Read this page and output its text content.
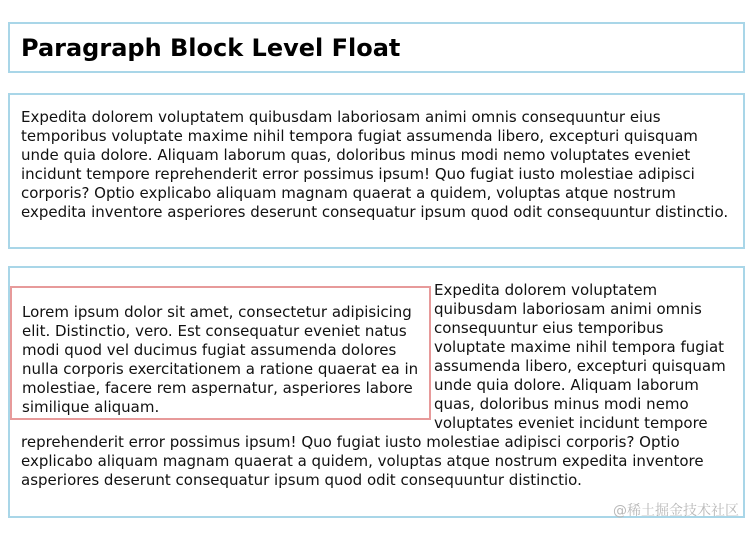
Paragraph Block Level Float

Expedita dolorem voluptatem quibusdam laboriosam animi omnis consequuntur eius temporibus voluptate maxime nihil tempora fugiat assumenda libero, excepturi quisquam unde quia dolore. Aliquam laborum quas, doloribus minus modi nemo voluptates eveniet incidunt tempore reprehenderit error possimus ipsum! Quo fugiat iusto molestiae adipisci corporis? Optio explicabo aliquam magnam quaerat a quidem, voluptas atque nostrum expedita inventore asperiores deserunt consequatur ipsum quod odit consequuntur distinctio.

Lorem ipsum dolor sit amet, consectetur adipisicing elit. Distinctio, vero. Est consequatur eveniet natus modi quod vel ducimus fugiat assumenda dolores nulla corporis exercitationem a ratione quaerat ea in molestiae, facere rem aspernatur, asperiores labore similique aliquam.
Expedita dolorem voluptatem quibusdam laboriosam animi omnis consequuntur eius temporibus voluptate maxime nihil tempora fugiat assumenda libero, excepturi quisquam unde quia dolore. Aliquam laborum quas, doloribus minus modi nemo voluptates eveniet incidunt tempore reprehenderit error possimus ipsum! Quo fugiat iusto molestiae adipisci corporis? Optio explicabo aliquam magnam quaerat a quidem, voluptas atque nostrum expedita inventore asperiores deserunt consequatur ipsum quod odit consequuntur distinctio.
@稀土掘金技术社区
